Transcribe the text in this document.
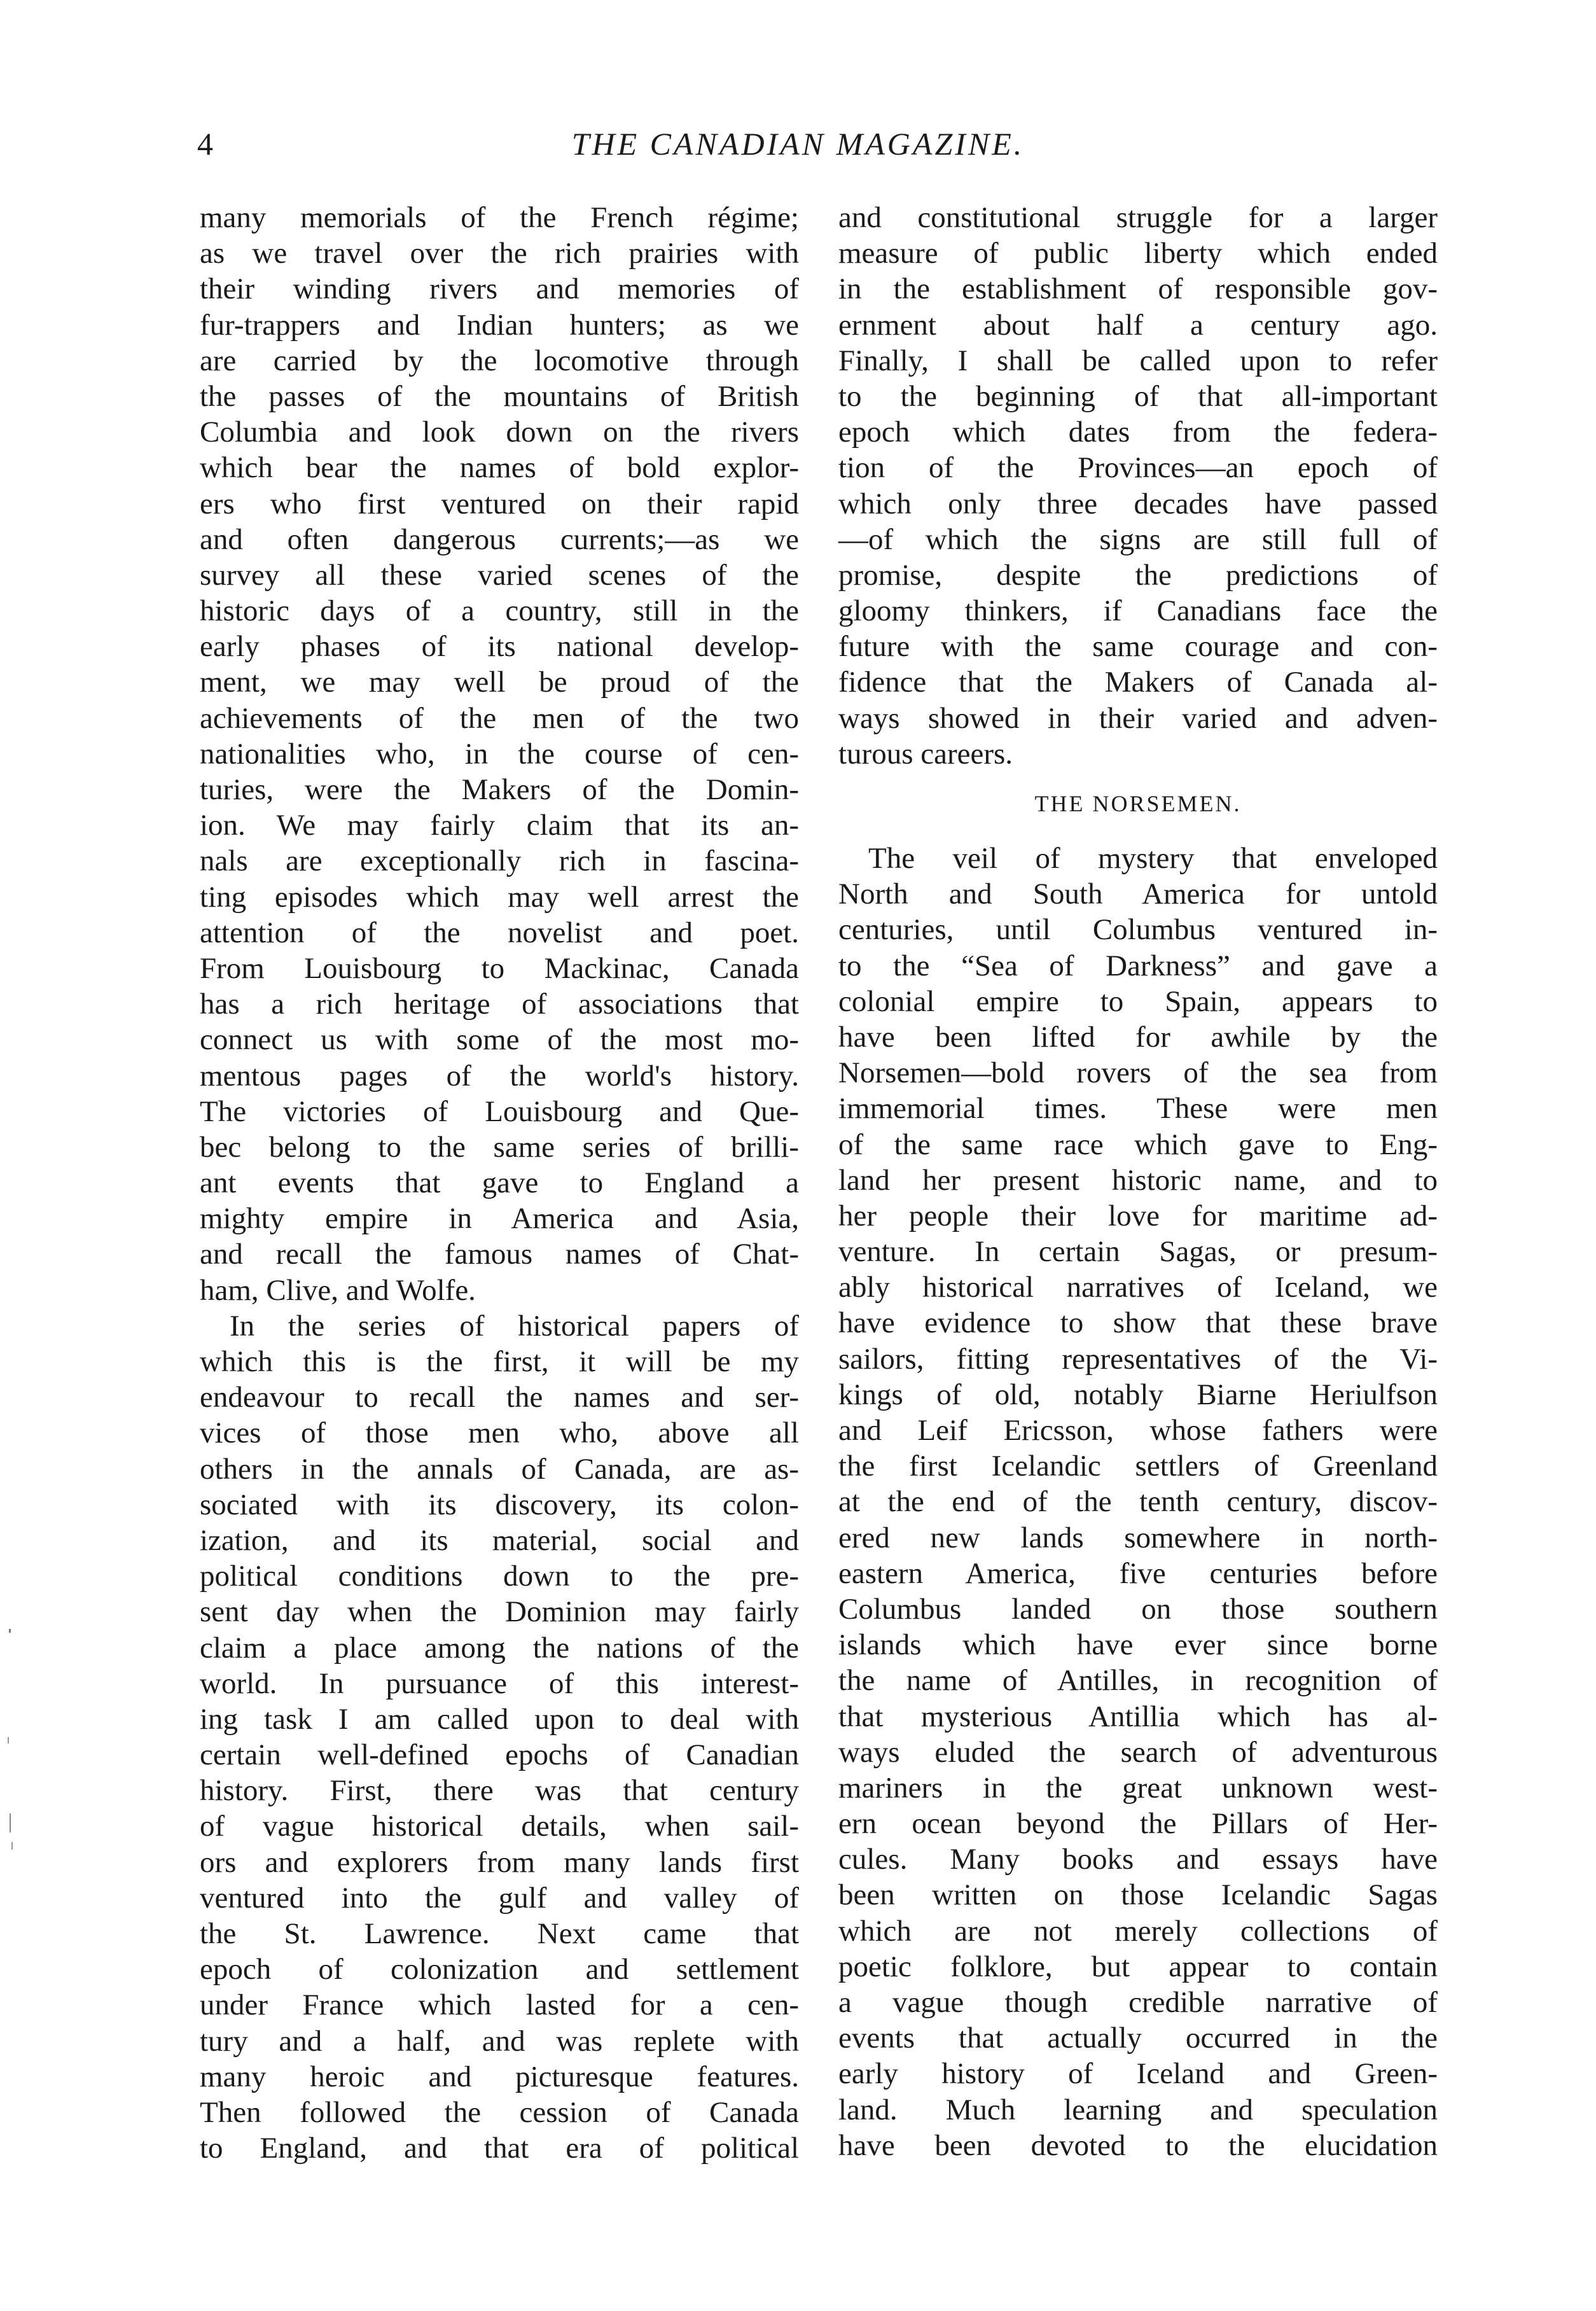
4	THE CANADIAN MAGAZINE.
many memorials of the French régime;
as we travel over the rich prairies with
their winding rivers and memories of
fur-trappers and Indian hunters; as we
are carried by the locomotive through
the passes of the mountains of British
Columbia and look down on the rivers
which bear the names of bold explor-
ers who first ventured on their rapid
and often dangerous currents;—as we
survey all these varied scenes of the
historic days of a country, still in the
early phases of its national develop-
ment, we may well be proud of the
achievements of the men of the two
nationalities who, in the course of cen-
turies, were the Makers of the Domin-
ion. We may fairly claim that its an-
nals are exceptionally rich in fascina-
ting episodes which may well arrest the
attention of the novelist and poet.
From Louisbourg to Mackinac, Canada
has a rich heritage of associations that
connect us with some of the most mo-
mentous pages of the world's history.
The victories of Louisbourg and Que-
bec belong to the same series of brilli-
ant events that gave to England a
mighty empire in America and Asia,
and recall the famous names of Chat-
ham, Clive, and Wolfe.
 In the series of historical papers of
which this is the first, it will be my
endeavour to recall the names and ser-
vices of those men who, above all
others in the annals of Canada, are as-
sociated with its discovery, its colon-
ization, and its material, social and
political conditions down to the pre-
sent day when the Dominion may fairly
claim a place among the nations of the
world. In pursuance of this interest-
ing task I am called upon to deal with
certain well-defined epochs of Canadian
history. First, there was that century
of vague historical details, when sail-
ors and explorers from many lands first
ventured into the gulf and valley of
the St. Lawrence. Next came that
epoch of colonization and settlement
under France which lasted for a cen-
tury and a half, and was replete with
many heroic and picturesque features.
Then followed the cession of Canada
to England, and that era of political
and constitutional struggle for a larger
measure of public liberty which ended
in the establishment of responsible gov-
ernment about half a century ago.
Finally, I shall be called upon to refer
to the beginning of that all-important
epoch which dates from the federa-
tion of the Provinces—an epoch of
which only three decades have passed
—of which the signs are still full of
promise, despite the predictions of
gloomy thinkers, if Canadians face the
future with the same courage and con-
fidence that the Makers of Canada al-
ways showed in their varied and adven-
turous careers.
THE NORSEMEN.
 The veil of mystery that enveloped
North and South America for untold
centuries, until Columbus ventured in-
to the “Sea of Darkness” and gave a
colonial empire to Spain, appears to
have been lifted for awhile by the
Norsemen—bold rovers of the sea from
immemorial times. These were men
of the same race which gave to Eng-
land her present historic name, and to
her people their love for maritime ad-
venture. In certain Sagas, or presum-
ably historical narratives of Iceland, we
have evidence to show that these brave
sailors, fitting representatives of the Vi-
kings of old, notably Biarne Heriulfson
and Leif Ericsson, whose fathers were
the first Icelandic settlers of Greenland
at the end of the tenth century, discov-
ered new lands somewhere in north-
eastern America, five centuries before
Columbus landed on those southern
islands which have ever since borne
the name of Antilles, in recognition of
that mysterious Antillia which has al-
ways eluded the search of adventurous
mariners in the great unknown west-
ern ocean beyond the Pillars of Her-
cules. Many books and essays have
been written on those Icelandic Sagas
which are not merely collections of
poetic folklore, but appear to contain
a vague though credible narrative of
events that actually occurred in the
early history of Iceland and Green-
land. Much learning and speculation
have been devoted to the elucidation
